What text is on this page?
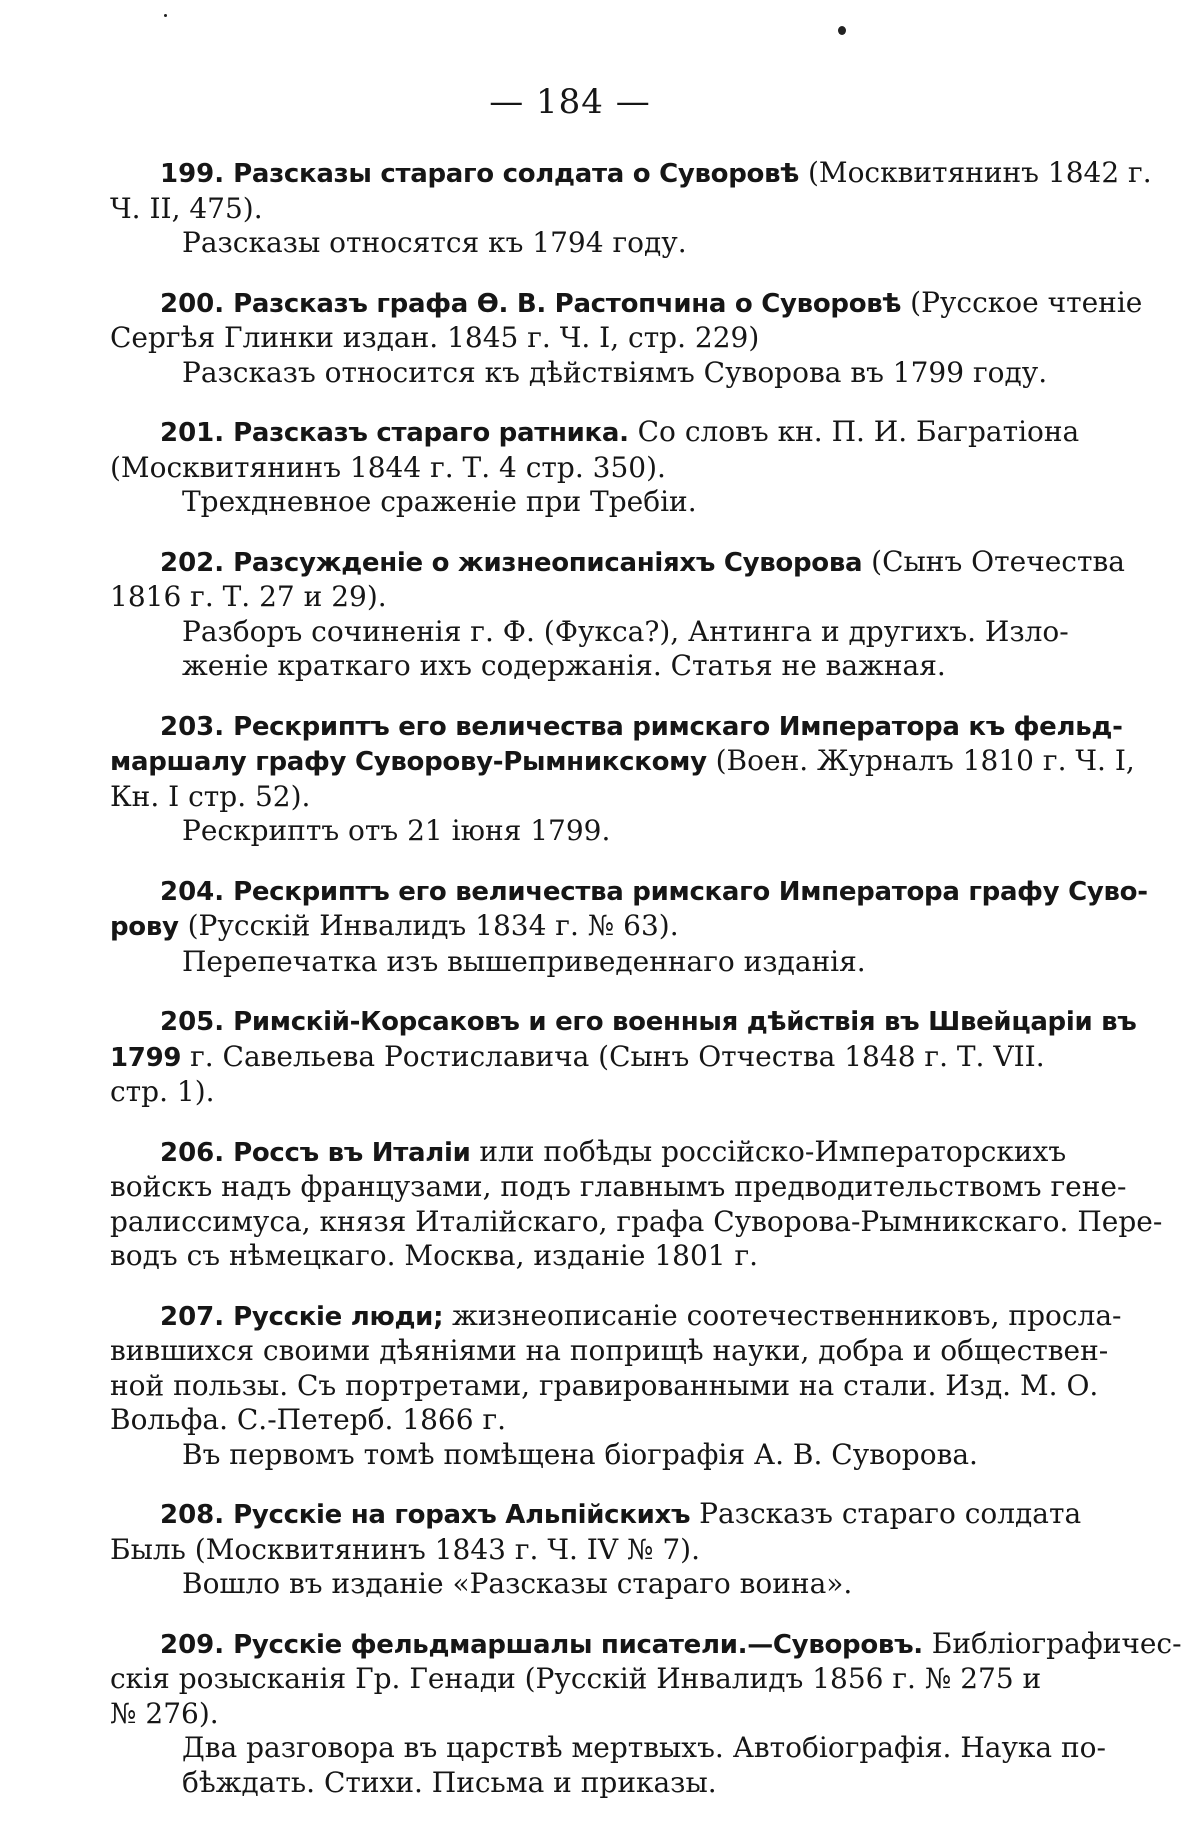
— 184 —
199. Разсказы стараго солдата о Суворовѣ (Москвитянинъ 1842 г.
Ч. II, 475).
Разсказы относятся къ 1794 году.
200. Разсказъ графа Ѳ. В. Растопчина о Суворовѣ (Русское чтеніе
Сергѣя Глинки издан. 1845 г. Ч. I, стр. 229)
Разсказъ относится къ дѣйствіямъ Суворова въ 1799 году.
201. Разсказъ стараго ратника. Со словъ кн. П. И. Багратіона
(Москвитянинъ 1844 г. Т. 4 стр. 350).
Трехдневное сраженіе при Требіи.
202. Разсужденіе о жизнеописаніяхъ Суворова (Сынъ Отечества
1816 г. Т. 27 и 29).
Разборъ сочиненія г. Ф. (Фукса?), Антинга и другихъ. Изло-
женіе краткаго ихъ содержанія. Статья не важная.
203. Рескриптъ его величества римскаго Императора къ фельд-
маршалу графу Суворову-Рымникскому (Воен. Журналъ 1810 г. Ч. I,
Кн. I стр. 52).
Рескриптъ отъ 21 іюня 1799.
204. Рескриптъ его величества римскаго Императора графу Суво-
рову (Русскій Инвалидъ 1834 г. № 63).
Перепечатка изъ вышеприведеннаго изданія.
205. Римскій-Корсаковъ и его военныя дѣйствія въ Швейцаріи въ
1799 г. Савельева Ростиславича (Сынъ Отчества 1848 г. Т. VII.
стр. 1).
206. Россъ въ Италіи или побѣды россійско-Императорскихъ
войскъ надъ французами, подъ главнымъ предводительствомъ гене-
ралиссимуса, князя Италійскаго, графа Суворова-Рымникскаго. Пере-
водъ съ нѣмецкаго. Москва, изданіе 1801 г.
207. Русскіе люди; жизнеописаніе соотечественниковъ, просла-
вившихся своими дѣяніями на поприщѣ науки, добра и обществен-
ной пользы. Съ портретами, гравированными на стали. Изд. М. О.
Вольфа. С.-Петерб. 1866 г.
Въ первомъ томѣ помѣщена біографія А. В. Суворова.
208. Русскіе на горахъ Альпійскихъ Разсказъ стараго солдата
Быль (Москвитянинъ 1843 г. Ч. IV № 7).
Вошло въ изданіе «Разсказы стараго воина».
209. Русскіе фельдмаршалы писатели.—Суворовъ. Библіографичес-
скія розысканія Гр. Генади (Русскій Инвалидъ 1856 г. № 275 и
№ 276).
Два разговора въ царствѣ мертвыхъ. Автобіографія. Наука по-
бѣждать. Стихи. Письма и приказы.
